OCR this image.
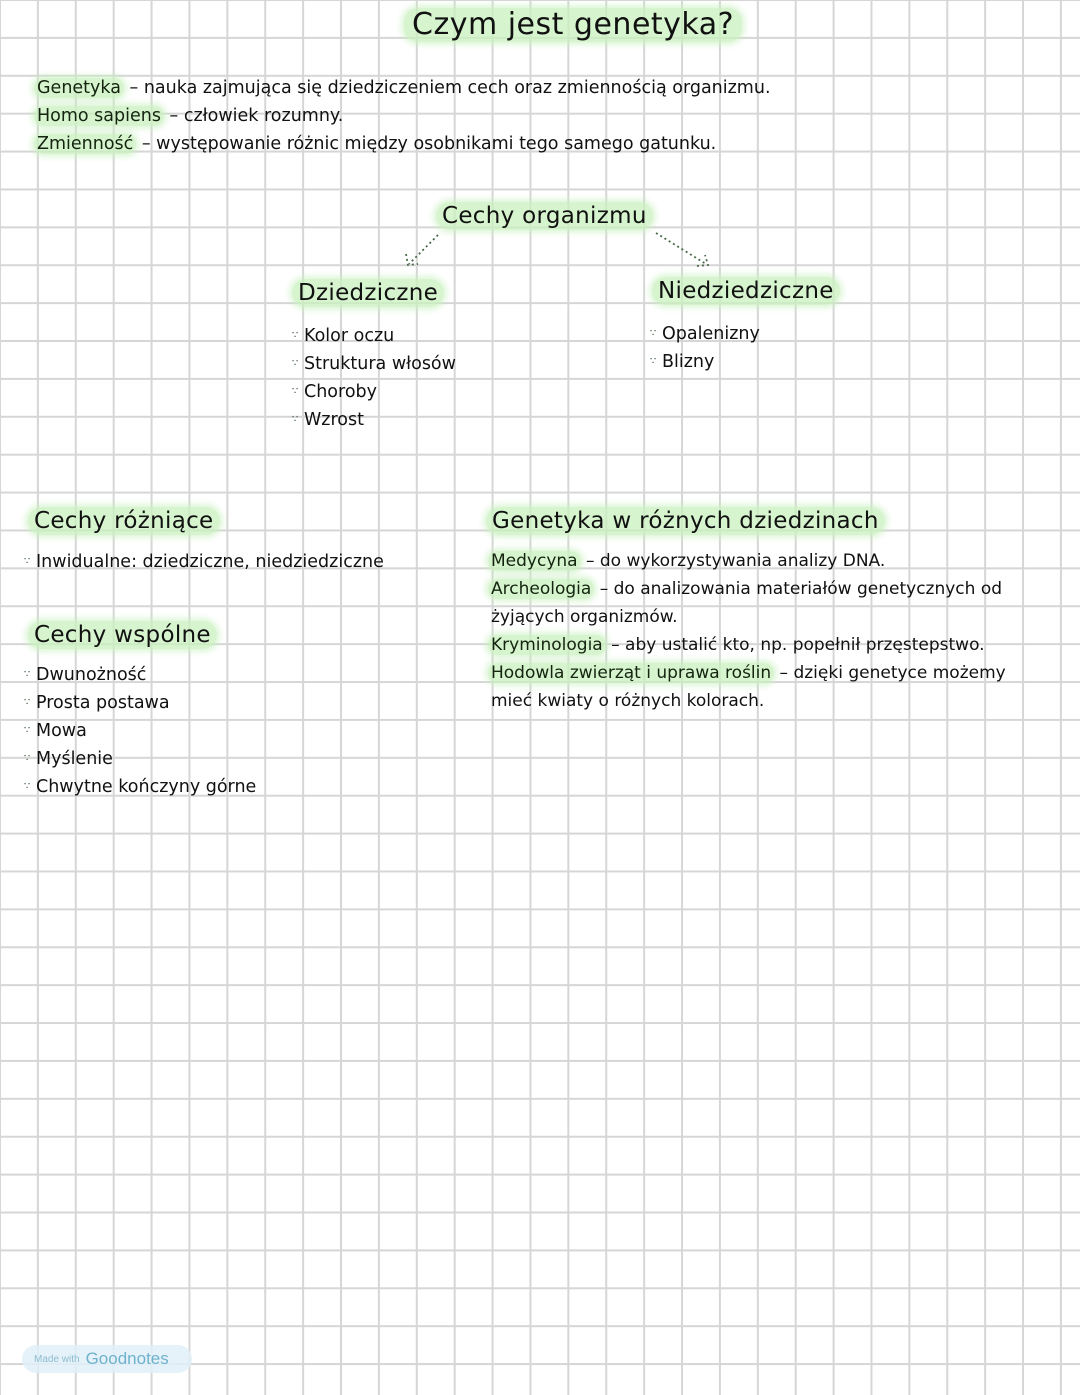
Czym jest genetyka?
Genetyka – nauka zajmująca się dziedziczeniem cech oraz zmiennością organizmu.
Homo sapiens – człowiek rozumny.
Zmienność – występowanie różnic między osobnikami tego samego gatunku.
Cechy organizmu
Dziedziczne
∵ Kolor oczu
∵ Struktura włosów
∵ Choroby
∵ Wzrost
Niedziedziczne
∵ Opalenizny
∵ Blizny
Cechy różniące
∵ Inwidualne: dziedziczne, niedziedziczne
Cechy wspólne
∵ Dwunożność
∵ Prosta postawa
∵ Mowa
∵ Myślenie
∵ Chwytne kończyny górne
Genetyka w różnych dziedzinach
Medycyna – do wykorzystywania analizy DNA.
Archeologia – do analizowania materiałów genetycznych od
żyjących organizmów.
Kryminologia – aby ustalić kto, np. popełnił przęstepstwo.
Hodowla zwierząt i uprawa roślin – dzięki genetyce możemy
mieć kwiaty o różnych kolorach.
Made with Goodnotes
